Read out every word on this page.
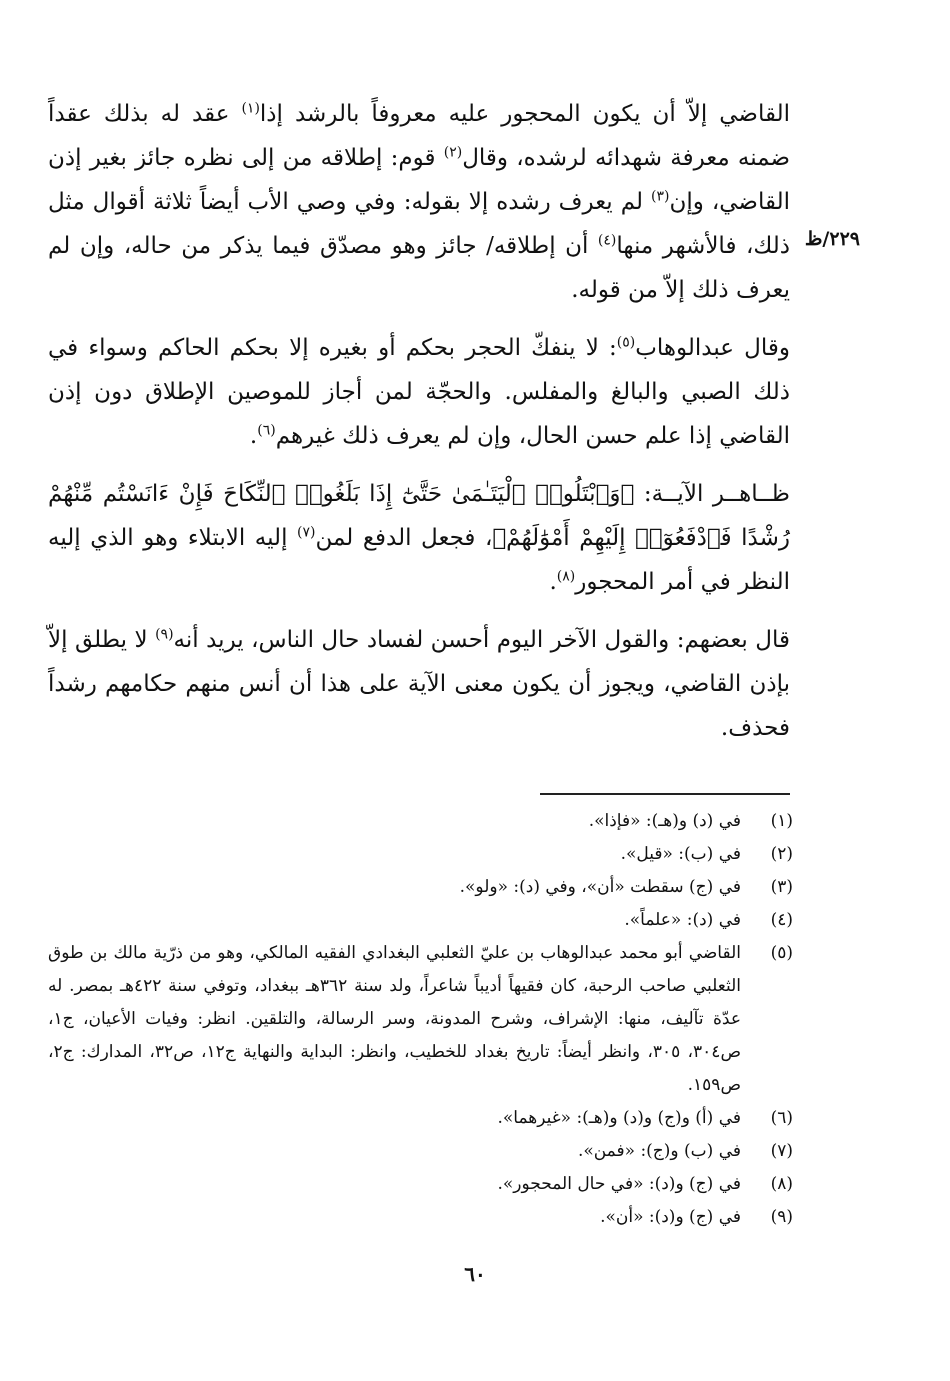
٢٢٩/ظ

القاضي إلاّ أن يكون المحجور عليه معروفاً بالرشد إذا$^{(١)}$ عقد له بذلك عقداً ضمنه معرفة شهدائه لرشده، وقال$^{(٢)}$ قوم: إطلاقه من إلى نظره جائز بغير إذن القاضي، وإن$^{(٣)}$ لم يعرف رشده إلا بقوله: وفي وصي الأب أيضاً ثلاثة أقوال مثل ذلك، فالأشهر منها$^{(٤)}$ أن إطلاقه/ جائز وهو مصدّق فيما يذكر من حاله، وإن لم يعرف ذلك إلاّ من قوله.

وقال عبدالوهاب$^{(٥)}$: لا ينفكّ الحجر بحكم أو بغيره إلا بحكم الحاكم وسواء في ذلك الصبي والبالغ والمفلس. والحجّة لمن أجاز للموصين الإطلاق دون إذن القاضي إذا علم حسن الحال، وإن لم يعرف ذلك غيرهم$^{(٦)}$.

ظــاهــر الآيــة: ﴿وَٱبْتَلُوا۟ ٱلْيَتَـٰمَىٰ حَتَّىٰٓ إِذَا بَلَغُوا۟ ٱلنِّكَاحَ فَإِنْ ءَانَسْتُم مِّنْهُمْ رُشْدًا فَٱدْفَعُوٓا۟ إِلَيْهِمْ أَمْوَٰلَهُمْ﴾، فجعل الدفع لمن$^{(٧)}$ إليه الابتلاء وهو الذي إليه النظر في أمر المحجور$^{(٨)}$.

قال بعضهم: والقول الآخر اليوم أحسن لفساد حال الناس، يريد أنه$^{(٩)}$ لا يطلق إلاّ بإذن القاضي، ويجوز أن يكون معنى الآية على هذا أن أنس منهم حكامهم رشداً فحذف.

(١)
في (د) و(هـ): «فإذا».
(٢)
في (ب): «قيل».
(٣)
في (ج) سقطت «أن»، وفي (د): «ولو».
(٤)
في (د): «علماً».
(٥)
القاضي أبو محمد عبدالوهاب بن عليّ الثعلبي البغدادي الفقيه المالكي، وهو من ذرّية مالك بن طوق الثعلبي صاحب الرحبة، كان فقيهاً أديباً شاعراً، ولد سنة ٣٦٢هـ ببغداد، وتوفي سنة ٤٢٢هـ بمصر. له عدّة تآليف، منها: الإشراف، وشرح المدونة، وسر الرسالة، والتلقين. انظر: وفيات الأعيان، ج١، ص٣٠٤، ٣٠٥، وانظر أيضاً: تاريخ بغداد للخطيب، وانظر: البداية والنهاية ج١٢، ص٣٢، المدارك: ج٢، ص١٥٩.
(٦)
في (أ) و(ج) و(د) و(هـ): «غيرهما».
(٧)
في (ب) و(ج): «فمن».
(٨)
في (ج) و(د): «في حال المحجور».
(٩)
في (ج) و(د): «أن».
٦٠
